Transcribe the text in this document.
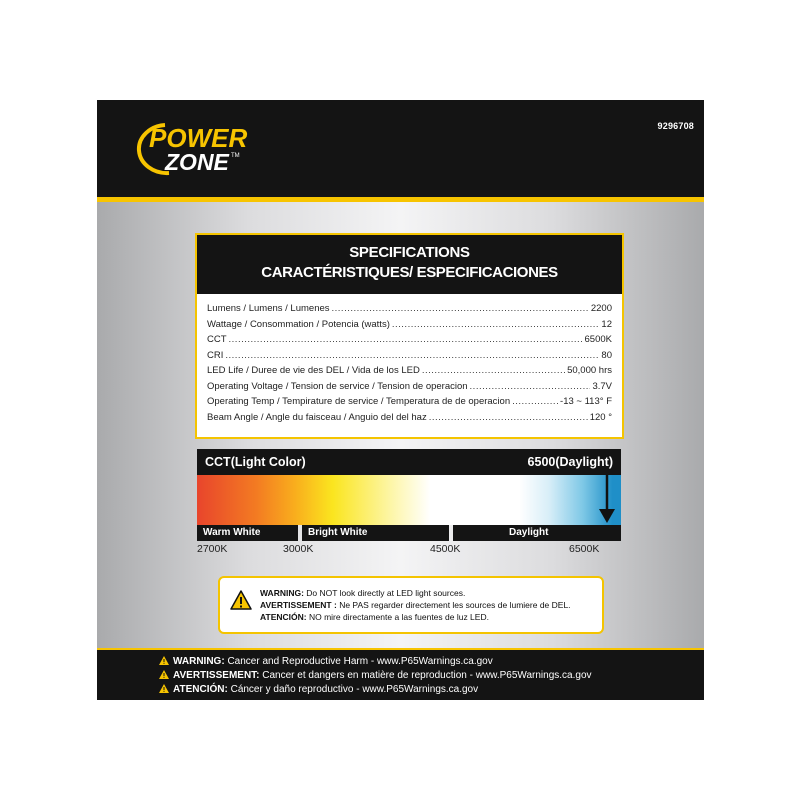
POWER
ZONE TM
9296708
SPECIFICATIONS
CARACTÉRISTIQUES/ ESPECIFICACIONES
Lumens / Lumens / Lumenes .....	2200
Wattage / Consommation / Potencia (watts) .....	12
CCT .....	6500K
CRI .....	80
LED Life / Duree de vie des DEL / Vida de los LED .....	50,000 hrs
Operating Voltage / Tension de service / Tension de operacion .....	3.7V
Operating Temp / Tempirature de service / Temperatura de de operacion .....	-13 ~ 113° F
Beam Angle / Angle du faisceau / Anguio del del haz .....	120 °
CCT(Light Color)	6500(Daylight)
Warm White	Bright White	Daylight
2700K	3000K	4500K	6500K
WARNING: Do NOT look directly at LED light sources.
AVERTISSEMENT : Ne PAS regarder directement les sources de lumiere de DEL.
ATENCIÓN: NO mire directamente a las fuentes de luz LED.
WARNING: Cancer and Reproductive Harm - www.P65Warnings.ca.gov
AVERTISSEMENT: Cancer et dangers en matière de reproduction - www.P65Warnings.ca.gov
ATENCIÓN: Cáncer y daño reproductivo - www.P65Warnings.ca.gov
